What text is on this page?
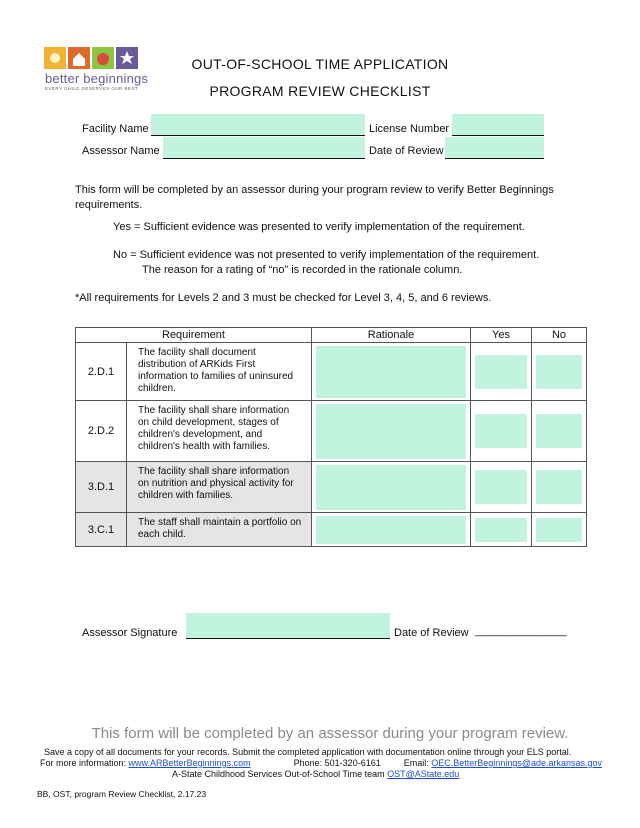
better beginnings
EVERY CHILD DESERVES OUR BEST
OUT-OF-SCHOOL TIME APPLICATION
PROGRAM REVIEW CHECKLIST
Facility Name	License Number
Assessor Name	Date of Review
This form will be completed by an assessor during your program review to verify Better Beginnings requirements.
Yes = Sufficient evidence was presented to verify implementation of the requirement.
No = Sufficient evidence was not presented to verify implementation of the requirement.
The reason for a rating of “no” is recorded in the rationale column.
*All requirements for Levels 2 and 3 must be checked for Level 3, 4, 5, and 6 reviews.
Requirement		Rationale	Yes	No
2.D.1	The facility shall document distribution of ARKids First information to families of uninsured children.	

2.D.2	The facility shall share information on child development, stages of children's development, and children's health with families.	

3.D.1	The facility shall share information on nutrition and physical activity for children with families.	

3.C.1	The staff shall maintain a portfolio on each child.	

Assessor Signature	Date of Review _______________
This form will be completed by an assessor during your program review.
Save a copy of all documents for your records. Submit the completed application with documentation online through your ELS portal.
For more information: www.ARBetterBeginnings.com	Phone: 501-320-6161	Email: OEC.BetterBeginnings@ade.arkansas.gov
A-State Childhood Services Out-of-School Time team OST@AState.edu
BB, OST, program Review Checklist, 2.17.23
